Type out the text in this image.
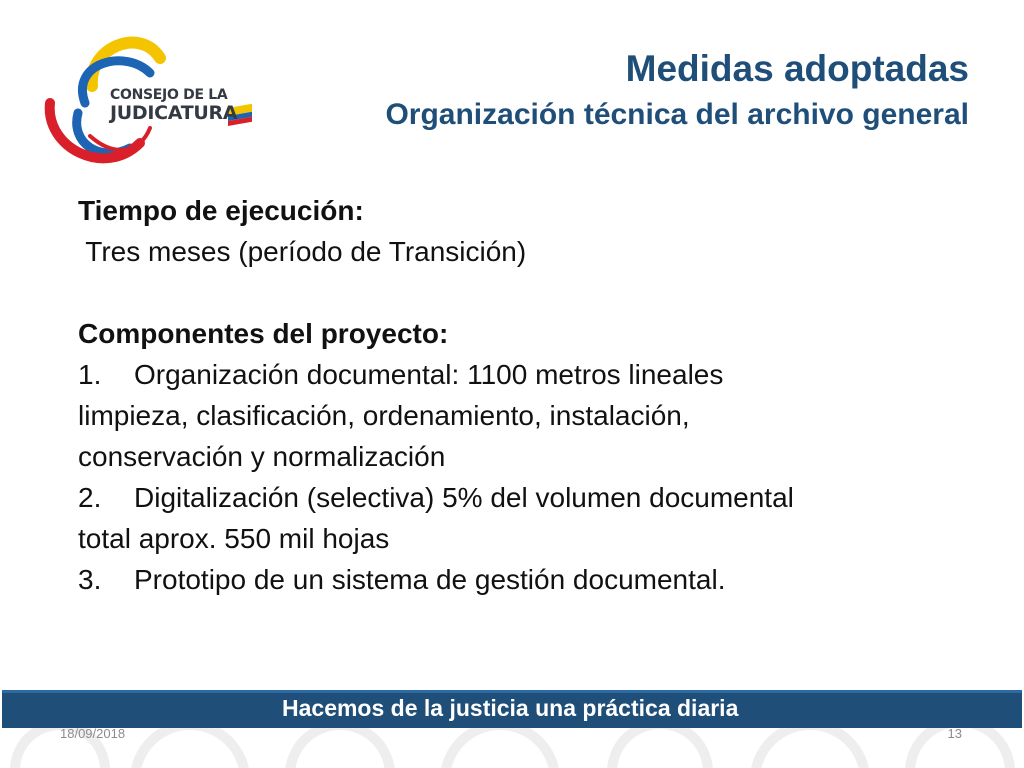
CONSEJO DE LA
JUDICATURA
Medidas adoptadas
Organización técnica del archivo general
Tiempo de ejecución:
Tres meses (período de Transición)
Componentes del proyecto:
1. Organización documental: 1100 metros lineales
limpieza, clasificación, ordenamiento, instalación,
conservación y normalización
2. Digitalización (selectiva) 5% del volumen documental
total aprox. 550 mil hojas
3. Prototipo de un sistema de gestión documental.
Hacemos de la justicia una práctica diaria
18/09/2018	13
